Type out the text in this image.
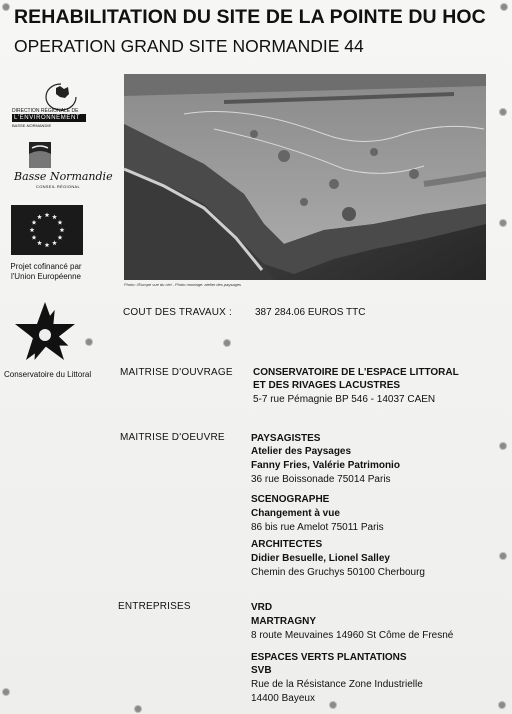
REHABILITATION DU SITE DE LA POINTE DU HOC
OPERATION GRAND SITE NORMANDIE 44
DIRECTION RÉGIONALE DE
L'ENVIRONNEMENT
BASSE-NORMANDIE
Basse Normandie
CONSEIL RÉGIONAL
Projet cofinancé par
l'Union Européenne
Conservatoire du Littoral
Photo: l'Europe vue du ciel - Photo montage: atelier des paysages
COUT DES TRAVAUX : 387 284.06 EUROS TTC
MAITRISE D'OUVRAGE CONSERVATOIRE DE L'ESPACE LITTORAL
ET DES RIVAGES LACUSTRES
5-7 rue Pémagnie BP 546 - 14037 CAEN
MAITRISE D'OEUVRE	PAYSAGISTES
Atelier des Paysages
Fanny Fries, Valérie Patrimonio
36 rue Boissonade 75014 Paris
SCENOGRAPHE
Changement à vue
86 bis rue Amelot 75011 Paris
ARCHITECTES
Didier Besuelle, Lionel Salley
Chemin des Gruchys 50100 Cherbourg
ENTREPRISES	VRD
MARTRAGNY
8 route Meuvaines 14960 St Côme de Fresné
ESPACES VERTS PLANTATIONS
SVB
Rue de la Résistance Zone Industrielle
14400 Bayeux
